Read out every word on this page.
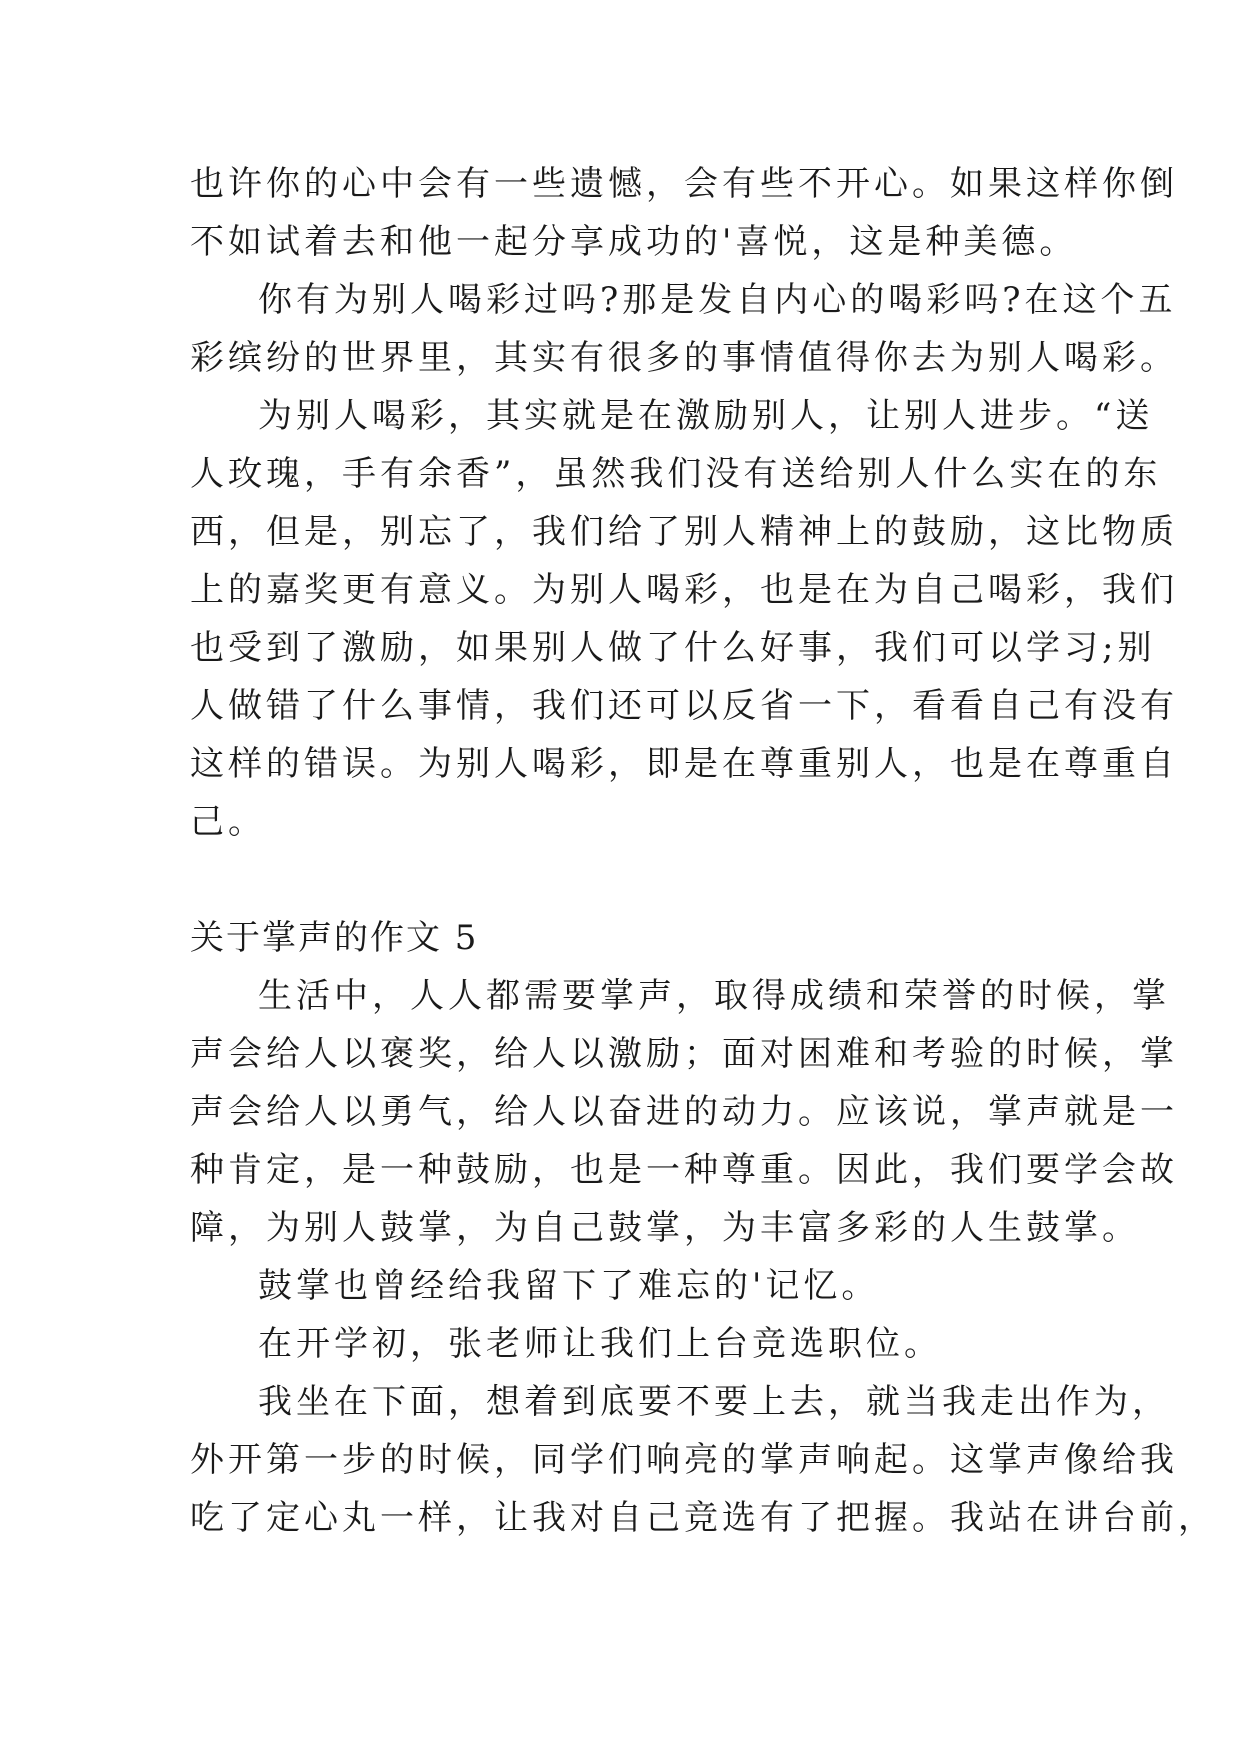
也许你的心中会有一些遗憾，会有些不开心。如果这样你倒
不如试着去和他一起分享成功的'喜悦，这是种美德。
你有为别人喝彩过吗?那是发自内心的喝彩吗?在这个五
彩缤纷的世界里，其实有很多的事情值得你去为别人喝彩。
为别人喝彩，其实就是在激励别人，让别人进步。“送
人玫瑰，手有余香”，虽然我们没有送给别人什么实在的东
西，但是，别忘了，我们给了别人精神上的鼓励，这比物质
上的嘉奖更有意义。为别人喝彩，也是在为自己喝彩，我们
也受到了激励，如果别人做了什么好事，我们可以学习;别
人做错了什么事情，我们还可以反省一下，看看自己有没有
这样的错误。为别人喝彩，即是在尊重别人，也是在尊重自
己。
关于掌声的作文 5
生活中，人人都需要掌声，取得成绩和荣誉的时候，掌
声会给人以褒奖，给人以激励；面对困难和考验的时候，掌
声会给人以勇气，给人以奋进的动力。应该说，掌声就是一
种肯定，是一种鼓励，也是一种尊重。因此，我们要学会故
障，为别人鼓掌，为自己鼓掌，为丰富多彩的人生鼓掌。
鼓掌也曾经给我留下了难忘的'记忆。
在开学初，张老师让我们上台竞选职位。
我坐在下面，想着到底要不要上去，就当我走出作为，
外开第一步的时候，同学们响亮的掌声响起。这掌声像给我
吃了定心丸一样，让我对自己竞选有了把握。我站在讲台前，
